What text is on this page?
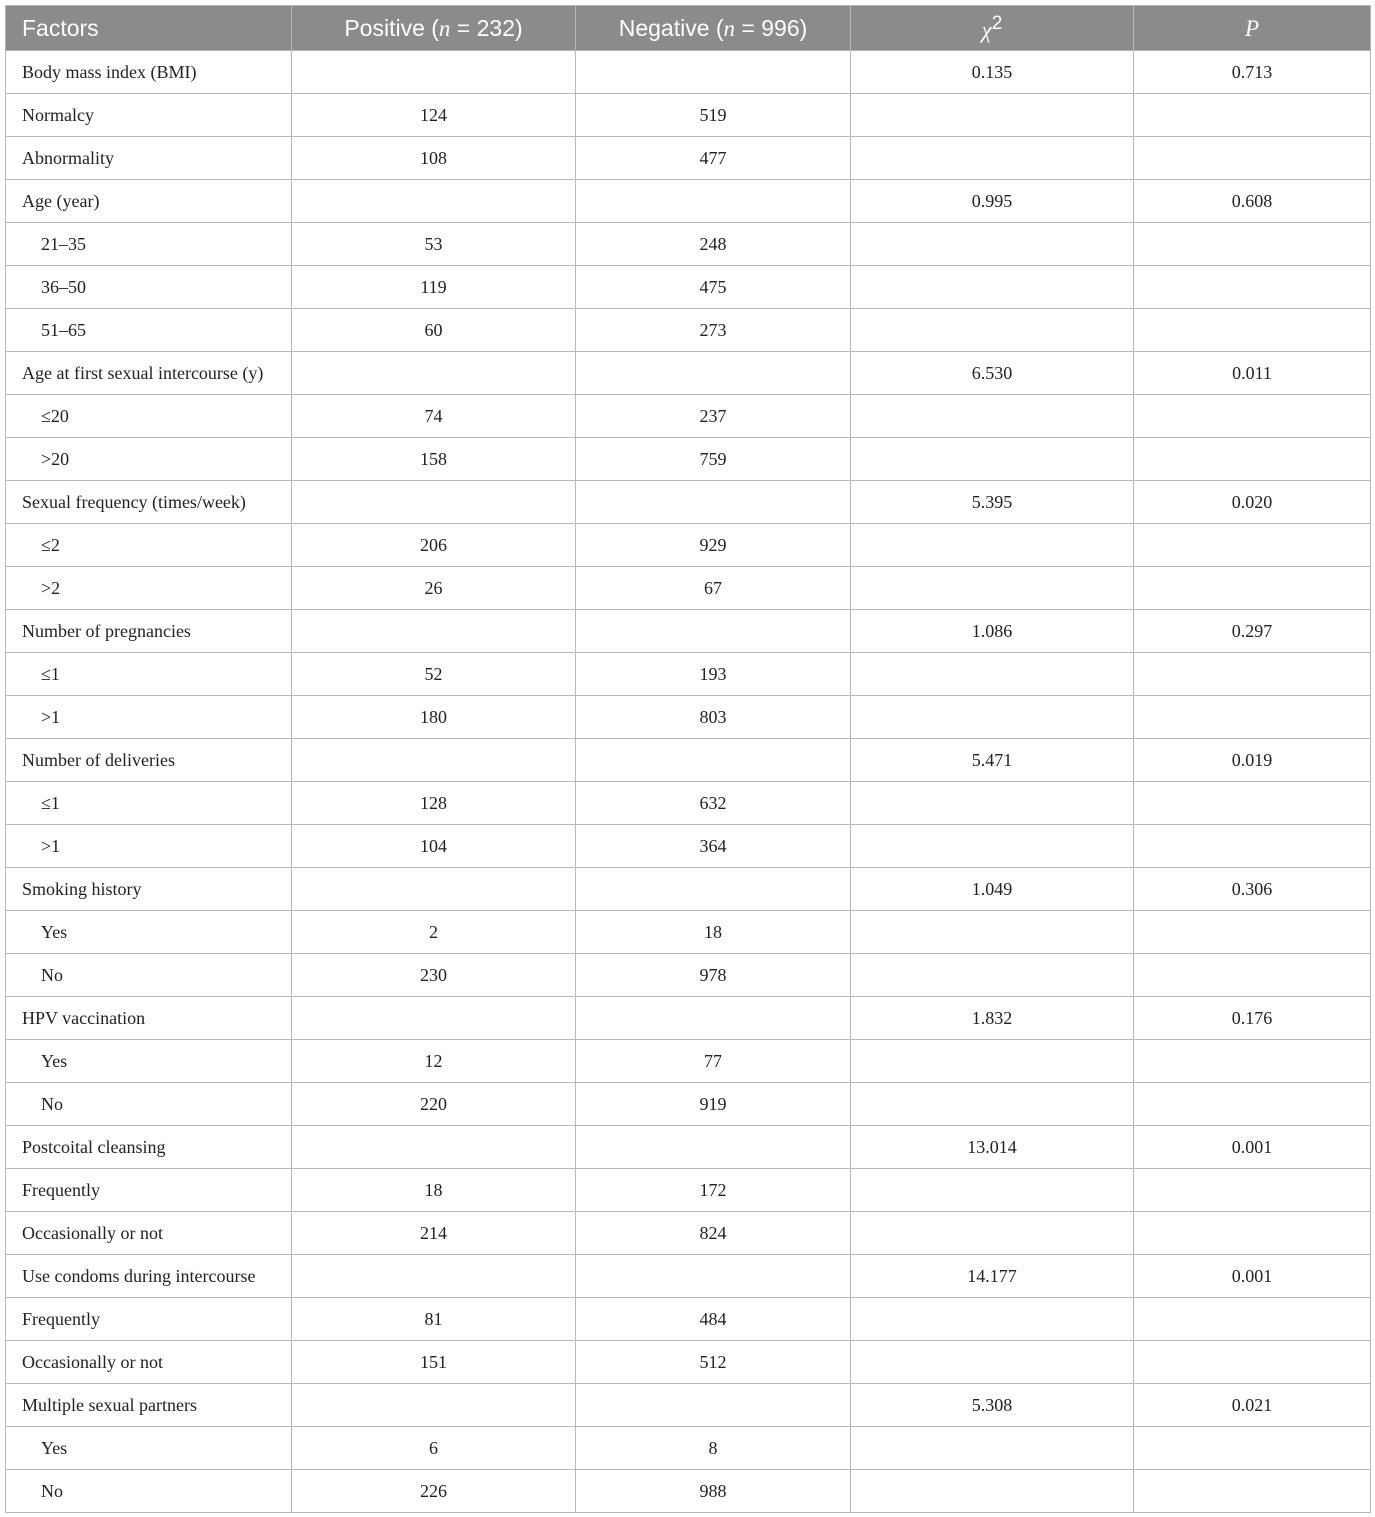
Factors	Positive (n = 232)	Negative (n = 996)	$\chi^2$	P
Body mass index (BMI)			0.135	0.713
Normalcy	124	519		
Abnormality	108	477		
Age (year)			0.995	0.608
21–35	53	248		
36–50	119	475		
51–65	60	273		
Age at first sexual intercourse (y)			6.530	0.011
≤20	74	237		
>20	158	759		
Sexual frequency (times/week)			5.395	0.020
≤2	206	929		
>2	26	67		
Number of pregnancies			1.086	0.297
≤1	52	193		
>1	180	803		
Number of deliveries			5.471	0.019
≤1	128	632		
>1	104	364		
Smoking history			1.049	0.306
Yes	2	18		
No	230	978		
HPV vaccination			1.832	0.176
Yes	12	77		
No	220	919		
Postcoital cleansing			13.014	0.001
Frequently	18	172		
Occasionally or not	214	824		
Use condoms during intercourse			14.177	0.001
Frequently	81	484		
Occasionally or not	151	512		
Multiple sexual partners			5.308	0.021
Yes	6	8		
No	226	988		
